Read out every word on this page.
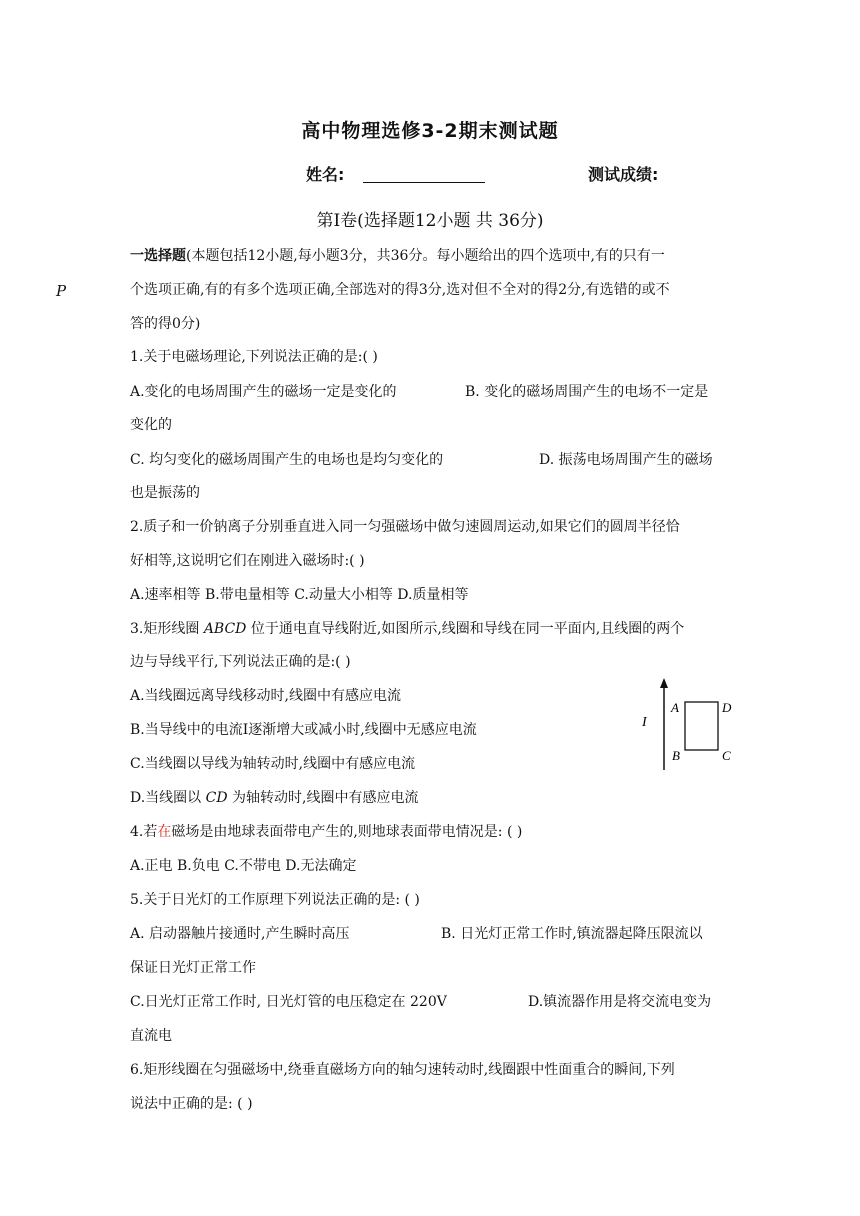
高中物理选修3-2期末测试题
姓名:	测试成绩:
第I卷(选择题12小题 共 36分)
P
一选择题(本题包括12小题,每小题3分，共36分。每小题给出的四个选项中,有的只有一
个选项正确,有的有多个选项正确,全部选对的得3分,选对但不全对的得2分,有选错的或不
答的得0分)
1.关于电磁场理论,下列说法正确的是:( )
A.变化的电场周围产生的磁场一定是变化的	B. 变化的磁场周围产生的电场不一定是
变化的
C. 均匀变化的磁场周围产生的电场也是均匀变化的	D. 振荡电场周围产生的磁场
也是振荡的
2.质子和一价钠离子分别垂直进入同一匀强磁场中做匀速圆周运动,如果它们的圆周半径恰
好相等,这说明它们在刚进入磁场时:( )
A.速率相等 B.带电量相等 C.动量大小相等 D.质量相等
3.矩形线圈 ABCD 位于通电直导线附近,如图所示,线圈和导线在同一平面内,且线圈的两个
边与导线平行,下列说法正确的是:( )
A.当线圈远离导线移动时,线圈中有感应电流
B.当导线中的电流I逐渐增大或减小时,线圈中无感应电流
C.当线圈以导线为轴转动时,线圈中有感应电流
D.当线圈以 CD 为轴转动时,线圈中有感应电流
I
A	D
B	C
4.若在磁场是由地球表面带电产生的,则地球表面带电情况是: ( )
A.正电 B.负电 C.不带电 D.无法确定
5.关于日光灯的工作原理下列说法正确的是: ( )
A. 启动器触片接通时,产生瞬时高压	B. 日光灯正常工作时,镇流器起降压限流以
保证日光灯正常工作
C.日光灯正常工作时, 日光灯管的电压稳定在 220V	D.镇流器作用是将交流电变为
直流电
6.矩形线圈在匀强磁场中,绕垂直磁场方向的轴匀速转动时,线圈跟中性面重合的瞬间,下列
说法中正确的是: ( )
